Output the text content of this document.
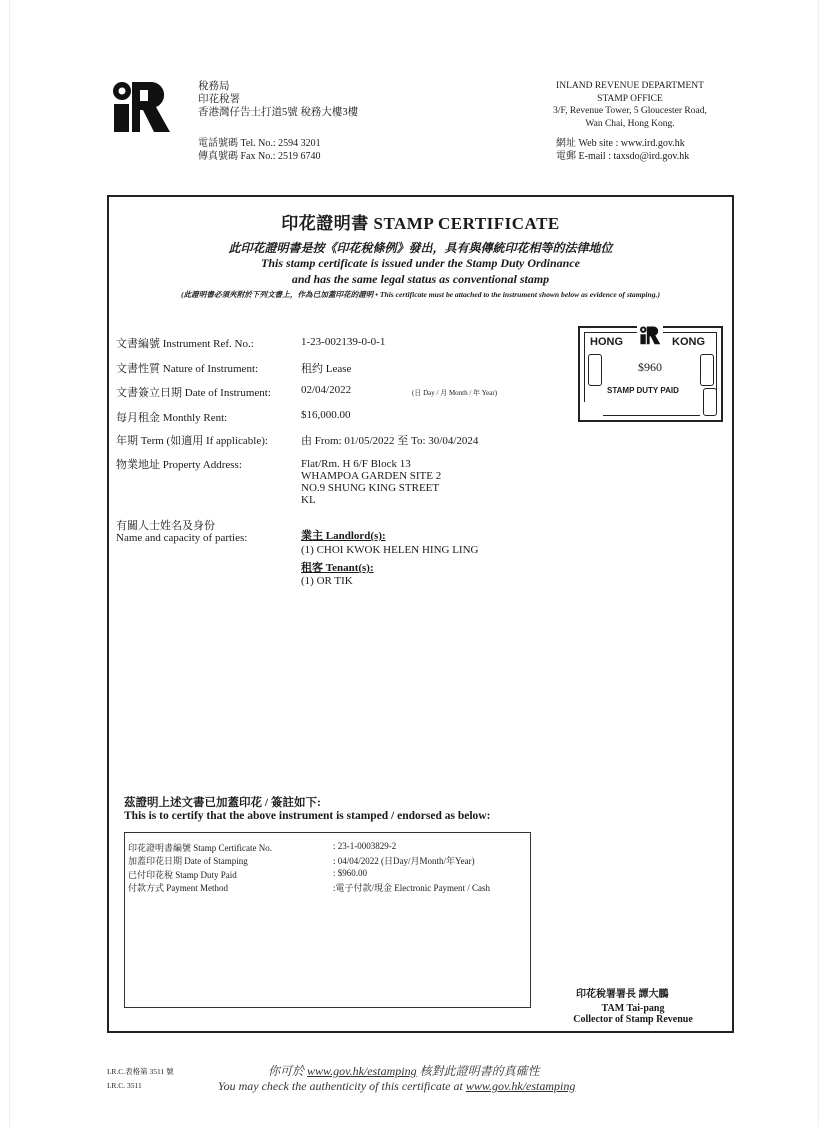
稅務局
印花稅署
香港灣仔告士打道5號 稅務大樓3樓
電話號碼 Tel. No.: 2594 3201
傳真號碼 Fax No.: 2519 6740
INLAND REVENUE DEPARTMENT
STAMP OFFICE
3/F, Revenue Tower, 5 Gloucester Road,
Wan Chai, Hong Kong.
網址 Web site : www.ird.gov.hk
電郵 E-mail : taxsdo@ird.gov.hk
印花證明書 STAMP CERTIFICATE
此印花證明書是按《印花稅條例》發出，具有與傳統印花相等的法律地位
This stamp certificate is issued under the Stamp Duty Ordinance
and has the same legal status as conventional stamp
(此證明書必須夾附於下列文書上，作為已加蓋印花的證明 • This certificate must be attached to the instrument shown below as evidence of stamping.)
文書編號 Instrument Ref. No.:	1-23-002139-0-0-1
文書性質 Nature of Instrument:	租约 Lease
文書簽立日期 Date of Instrument:	02/04/2022	(日 Day / 月 Month / 年 Year)
每月租金 Monthly Rent:	$16,000.00
年期 Term (如適用 If applicable):	由 From: 01/05/2022 至 To: 30/04/2024
物業地址 Property Address:	Flat/Rm. H 6/F Block 13
WHAMPOA GARDEN SITE 2
NO.9 SHUNG KING STREET
KL
有關人士姓名及身份
Name and capacity of parties:	業主 Landlord(s):
(1) CHOI KWOK HELEN HING LING
租客 Tenant(s):
(1) OR TIK
HONG	KONG
$960
STAMP DUTY PAID
茲證明上述文書已加蓋印花 / 簽註如下:
This is to certify that the above instrument is stamped / endorsed as below:
印花證明書編號 Stamp Certificate No.	: 23-1-0003829-2
加蓋印花日期 Date of Stamping	: 04/04/2022 (日Day/月Month/年Year)
已付印花稅 Stamp Duty Paid	: $960.00
付款方式 Payment Method	:電子付款/現金 Electronic Payment / Cash
印花稅署署長 譚大鵬
TAM Tai-pang
Collector of Stamp Revenue
I.R.C.表格第 3511 號
I.R.C. 3511
你可於 www.gov.hk/estamping 核對此證明書的真確性
You may check the authenticity of this certificate at www.gov.hk/estamping
